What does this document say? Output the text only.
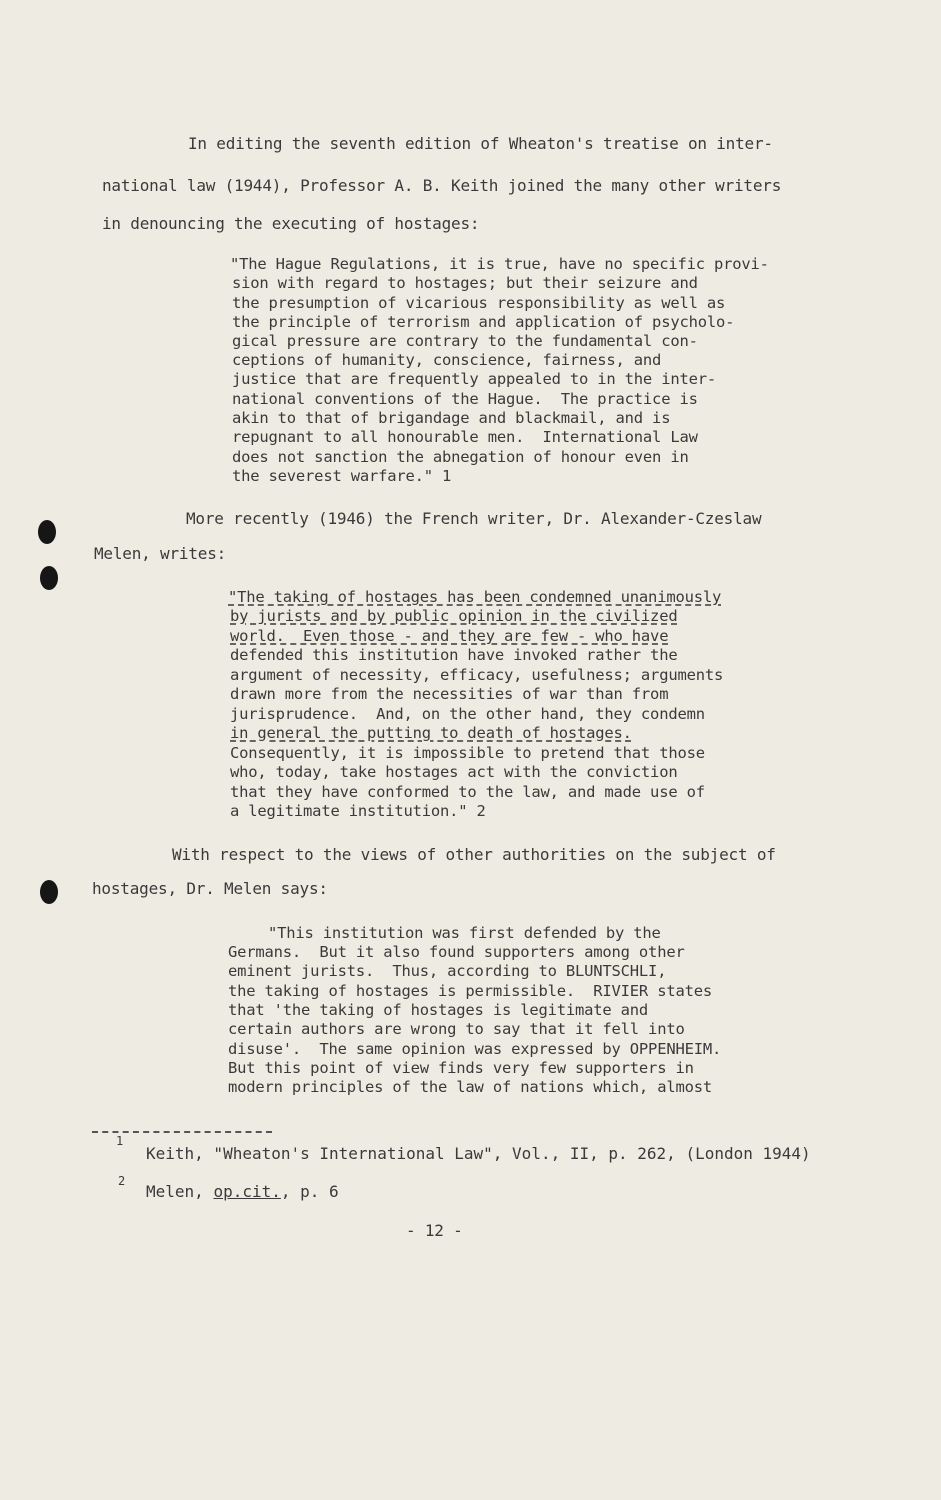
In editing the seventh edition of Wheaton's treatise on inter-
national law (1944), Professor A. B. Keith joined the many other writers
in denouncing the executing of hostages:
"The Hague Regulations, it is true, have no specific provi-
sion with regard to hostages; but their seizure and
the presumption of vicarious responsibility as well as
the principle of terrorism and application of psycholo-
gical pressure are contrary to the fundamental con-
ceptions of humanity, conscience, fairness, and
justice that are frequently appealed to in the inter-
national conventions of the Hague.  The practice is
akin to that of brigandage and blackmail, and is
repugnant to all honourable men.  International Law
does not sanction the abnegation of honour even in
the severest warfare." 1
More recently (1946) the French writer, Dr. Alexander-Czeslaw
Melen, writes:
"The taking of hostages has been condemned unanimously
by jurists and by public opinion in the civilized
world.  Even those - and they are few - who have
defended this institution have invoked rather the
argument of necessity, efficacy, usefulness; arguments
drawn more from the necessities of war than from
jurisprudence.  And, on the other hand, they condemn
in general the putting to death of hostages.
Consequently, it is impossible to pretend that those
who, today, take hostages act with the conviction
that they have conformed to the law, and made use of
a legitimate institution." 2
With respect to the views of other authorities on the subject of
hostages, Dr. Melen says:
"This institution was first defended by the
Germans.  But it also found supporters among other
eminent jurists.  Thus, according to BLUNTSCHLI,
the taking of hostages is permissible.  RIVIER states
that 'the taking of hostages is legitimate and
certain authors are wrong to say that it fell into
disuse'.  The same opinion was expressed by OPPENHEIM.
But this point of view finds very few supporters in
modern principles of the law of nations which, almost
1
Keith, "Wheaton's International Law", Vol., II, p. 262, (London 1944)
2
Melen, op.cit., p. 6
- 12 -
